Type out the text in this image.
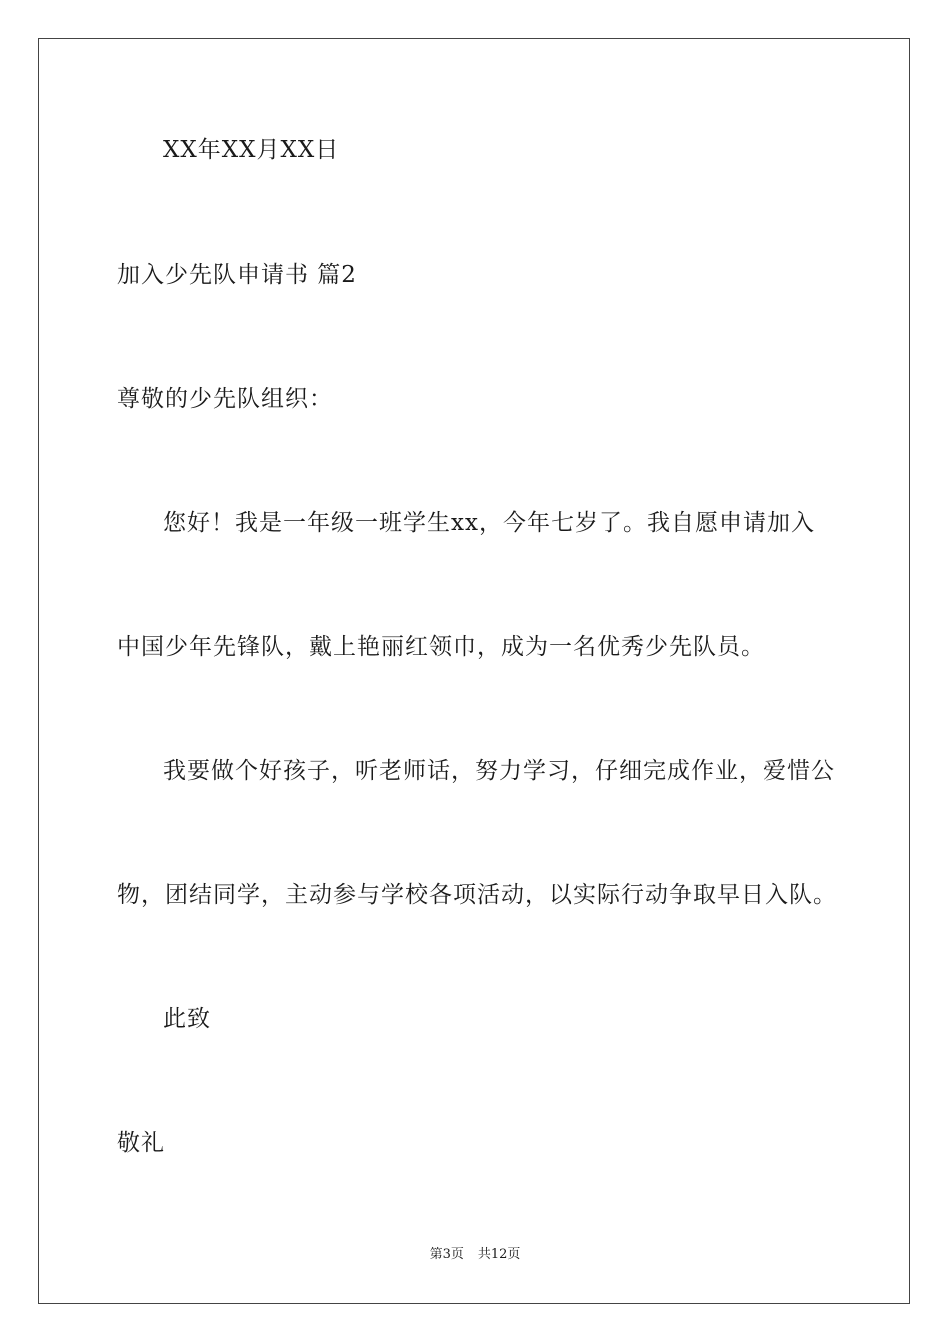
XX年XX月XX日
加入少先队申请书 篇2
尊敬的少先队组织：
您好！我是一年级一班学生xx，今年七岁了。我自愿申请加入
中国少年先锋队，戴上艳丽红领巾，成为一名优秀少先队员。
我要做个好孩子，听老师话，努力学习，仔细完成作业，爱惜公
物，团结同学，主动参与学校各项活动，以实际行动争取早日入队。
此致
敬礼
第3页 共12页
